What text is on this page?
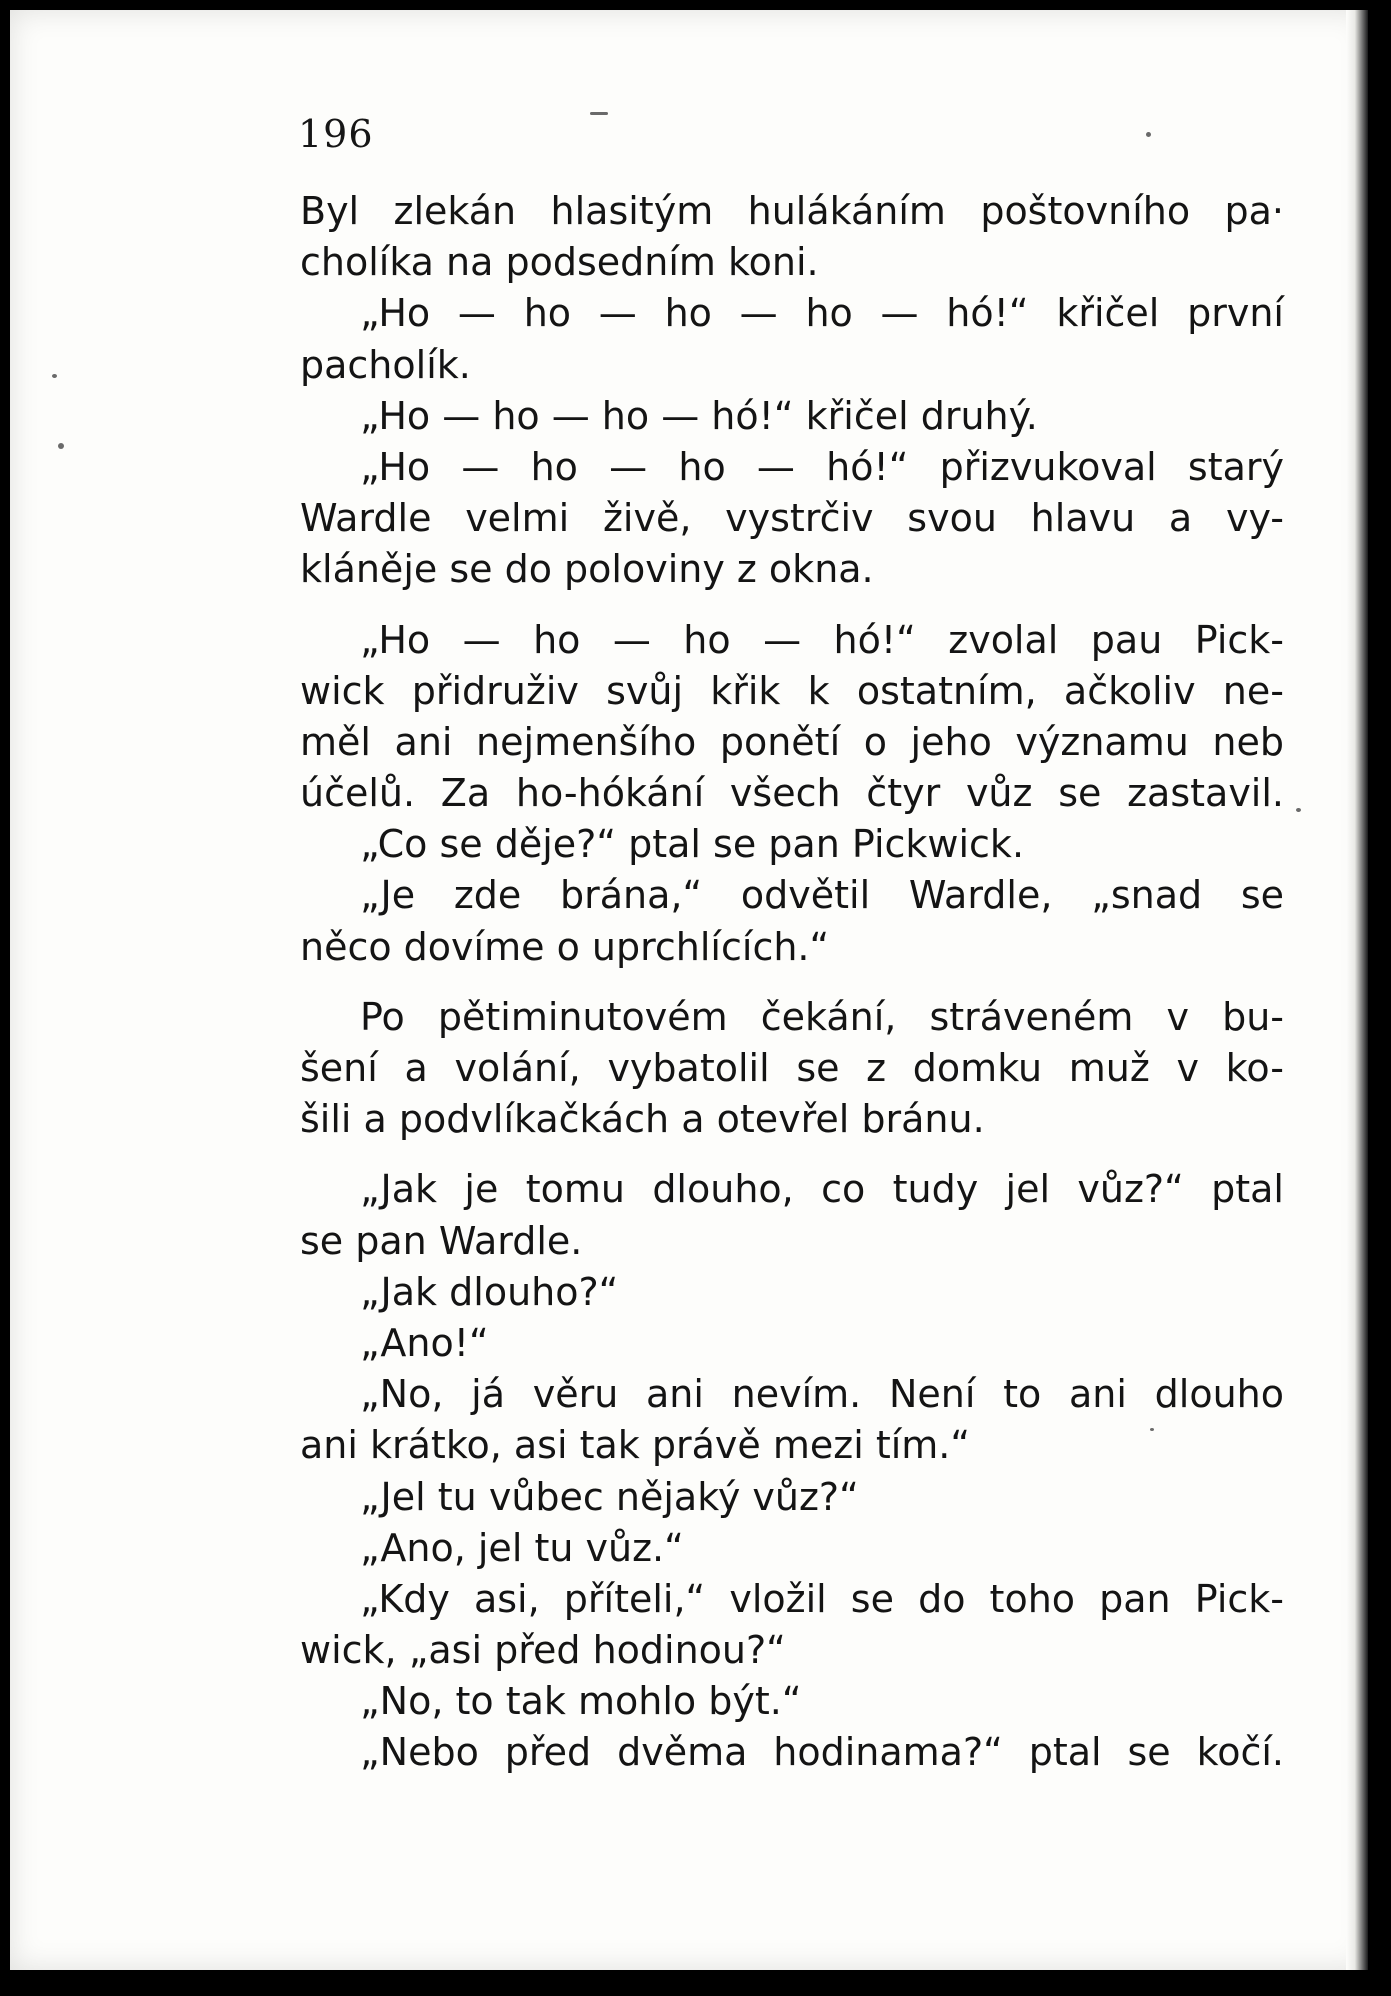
196
Byl zlekán hlasitým hulákáním poštovního pa·
cholíka na podsedním koni.
„Ho — ho — ho — ho — hó!“ křičel první
pacholík.
„Ho — ho — ho — hó!“ křičel druhý.
„Ho — ho — ho — hó!“ přizvukoval starý
Wardle velmi živě, vystrčiv svou hlavu a vy-
kláněje se do poloviny z okna.
„Ho — ho — ho — hó!“ zvolal pau Pick-
wick přidruživ svůj křik k ostatním, ačkoliv ne-
měl ani nejmenšího ponětí o jeho významu neb
účelů. Za ho-hókání všech čtyr vůz se zastavil.
„Co se děje?“ ptal se pan Pickwick.
„Je zde brána,“ odvětil Wardle, „snad se
něco dovíme o uprchlících.“
Po pětiminutovém čekání, stráveném v bu-
šení a volání, vybatolil se z domku muž v ko-
šili a podvlíkačkách a otevřel bránu.
„Jak je tomu dlouho, co tudy jel vůz?“ ptal
se pan Wardle.
„Jak dlouho?“
„Ano!“
„No, já věru ani nevím. Není to ani dlouho
ani krátko, asi tak právě mezi tím.“
„Jel tu vůbec nějaký vůz?“
„Ano, jel tu vůz.“
„Kdy asi, příteli,“ vložil se do toho pan Pick-
wick, „asi před hodinou?“
„No, to tak mohlo být.“
„Nebo před dvěma hodinama?“ ptal se kočí.
